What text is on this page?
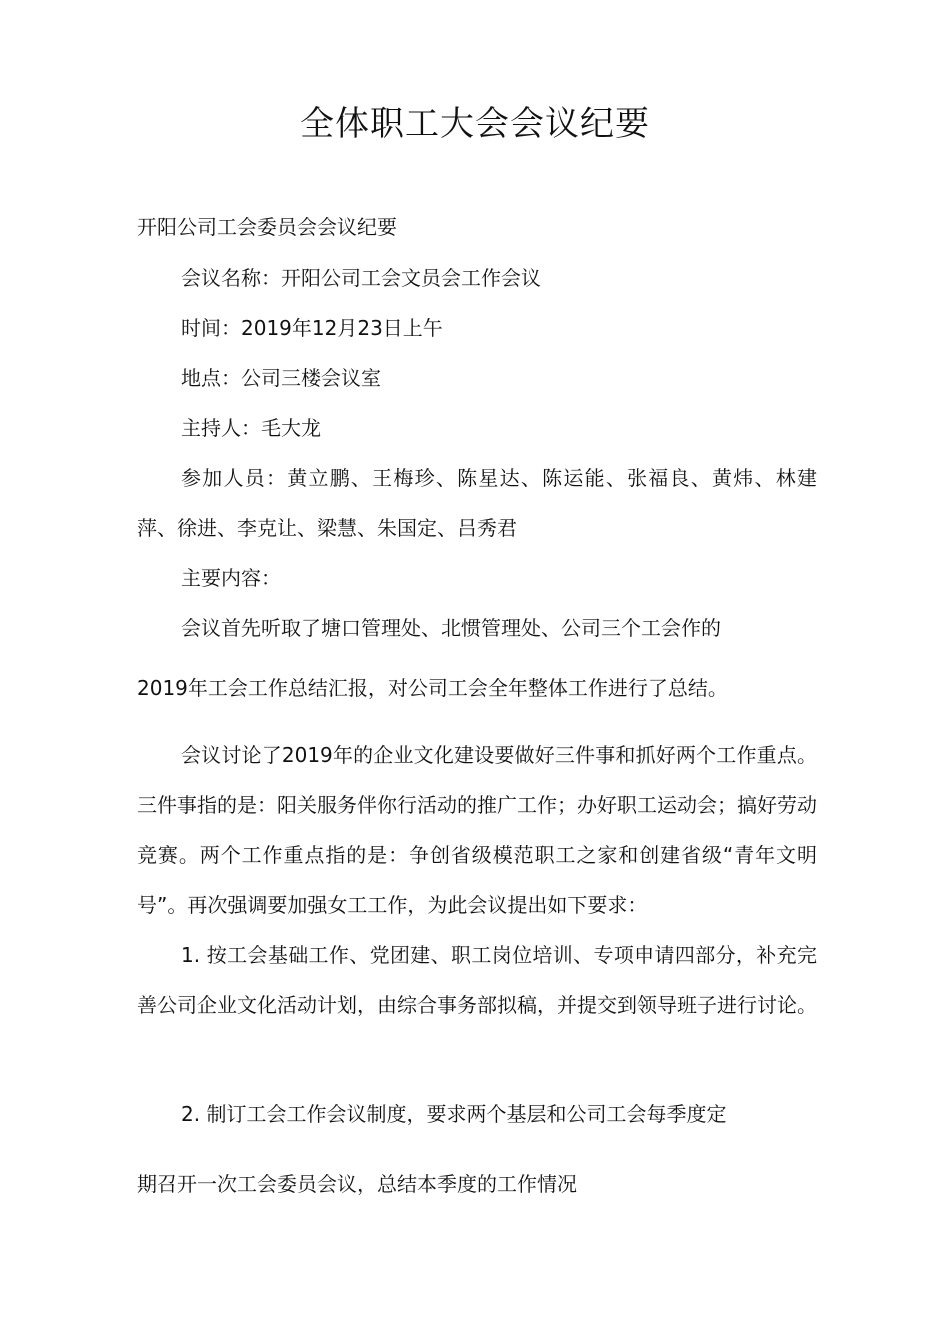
全体职工大会会议纪要

开阳公司工会委员会会议纪要

会议名称：开阳公司工会文员会工作会议

时间：2019年12月23日上午

地点：公司三楼会议室

主持人：毛大龙

参加人员：黄立鹏、王梅珍、陈星达、陈运能、张福良、黄炜、林建萍、徐进、李克让、梁慧、朱国定、吕秀君

主要内容：

会议首先听取了塘口管理处、北惯管理处、公司三个工会作的

2019年工会工作总结汇报，对公司工会全年整体工作进行了总结。

会议讨论了2019年的企业文化建设要做好三件事和抓好两个工作重点。三件事指的是：阳关服务伴你行活动的推广工作；办好职工运动会；搞好劳动竞赛。两个工作重点指的是：争创省级模范职工之家和创建省级“青年文明号”。再次强调要加强女工工作，为此会议提出如下要求：

1. 按工会基础工作、党团建、职工岗位培训、专项申请四部分，补充完善公司企业文化活动计划，由综合事务部拟稿，并提交到领导班子进行讨论。

2. 制订工会工作会议制度，要求两个基层和公司工会每季度定

期召开一次工会委员会议，总结本季度的工作情况
